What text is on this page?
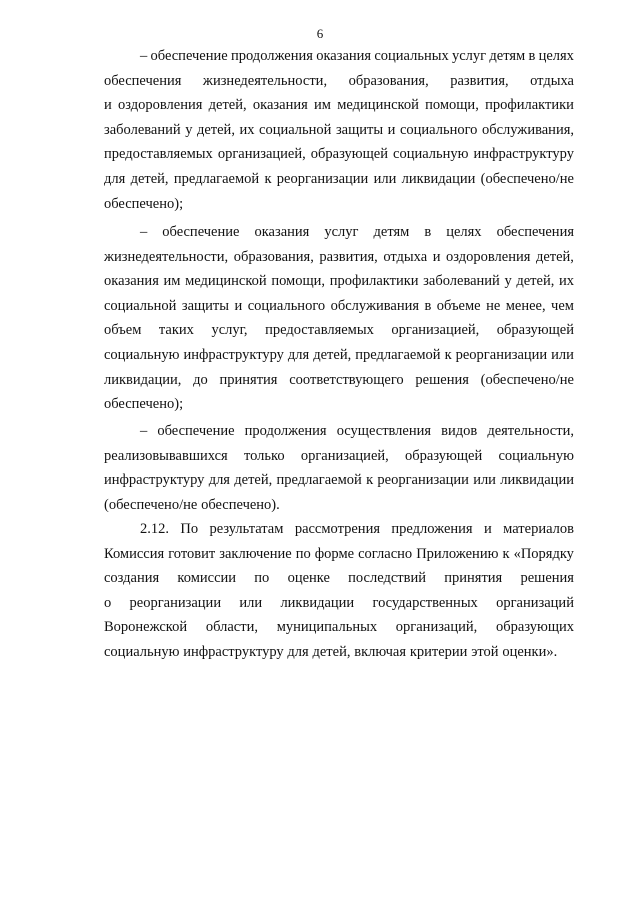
6
– обеспечение продолжения оказания социальных услуг детям в целях
обеспечения жизнедеятельности, образования, развития, отдыха
и оздоровления детей, оказания им медицинской помощи, профилактики
заболеваний у детей, их социальной защиты и социального обслуживания,
предоставляемых организацией, образующей социальную инфраструктуру
для детей, предлагаемой к реорганизации или ликвидации (обеспечено/не
обеспечено);
– обеспечение оказания услуг детям в целях обеспечения
жизнедеятельности, образования, развития, отдыха и оздоровления детей,
оказания им медицинской помощи, профилактики заболеваний у детей, их
социальной защиты и социального обслуживания в объеме не менее, чем
объем таких услуг, предоставляемых организацией, образующей
социальную инфраструктуру для детей, предлагаемой к реорганизации или
ликвидации, до принятия соответствующего решения (обеспечено/не
обеспечено);
– обеспечение продолжения осуществления видов деятельности,
реализовывавшихся только организацией, образующей социальную
инфраструктуру для детей, предлагаемой к реорганизации или ликвидации
(обеспечено/не обеспечено).
2.12. По результатам рассмотрения предложения и материалов
Комиссия готовит заключение по форме согласно Приложению к «Порядку
создания комиссии по оценке последствий принятия решения
о реорганизации или ликвидации государственных организаций
Воронежской области, муниципальных организаций, образующих
социальную инфраструктуру для детей, включая критерии этой оценки».
